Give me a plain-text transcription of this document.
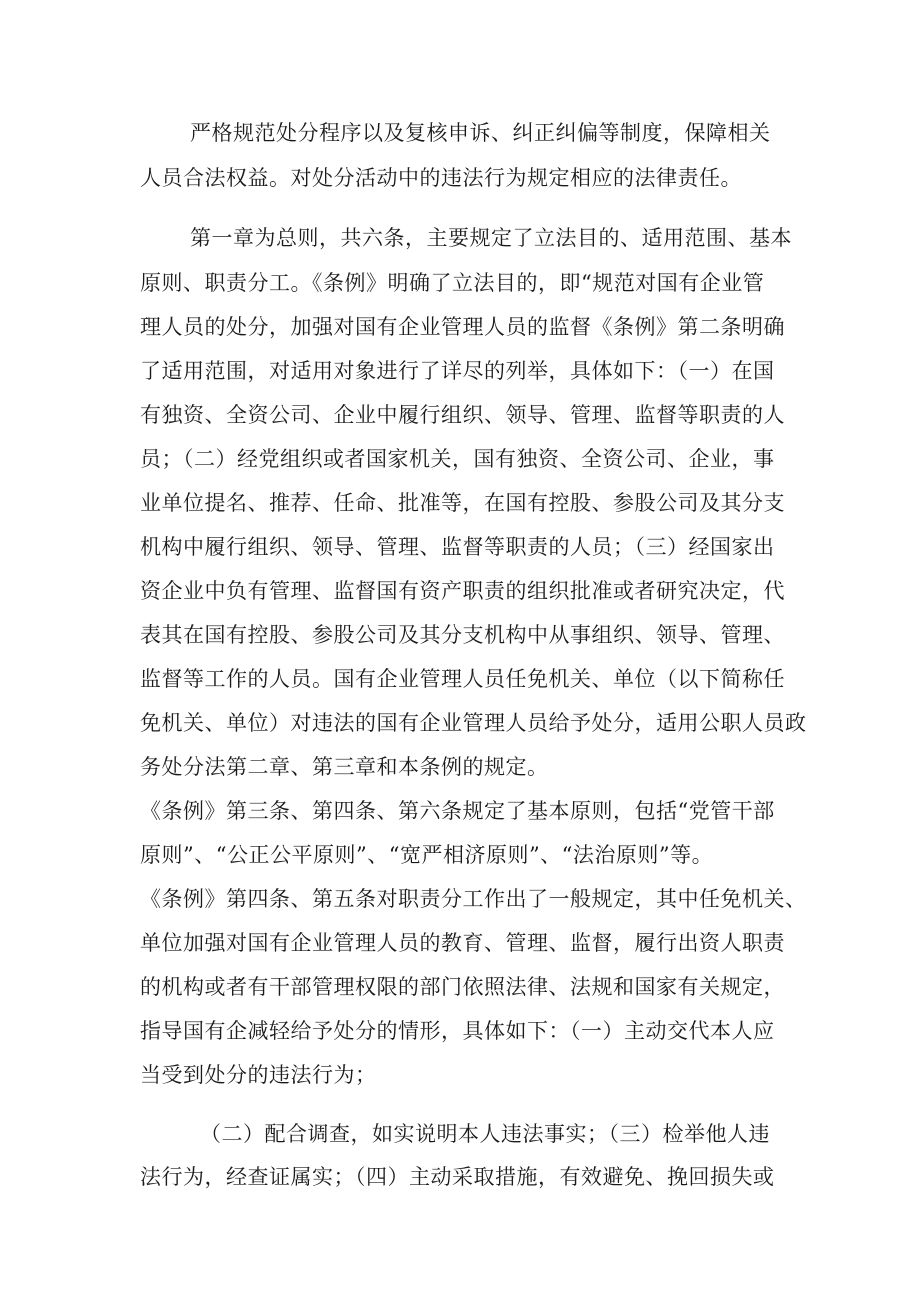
严格规范处分程序以及复核申诉、纠正纠偏等制度，保障相关
人员合法权益。对处分活动中的违法行为规定相应的法律责任。
第一章为总则，共六条，主要规定了立法目的、适用范围、基本
原则、职责分工。《条例》明确了立法目的，即“规范对国有企业管
理人员的处分，加强对国有企业管理人员的监督《条例》第二条明确
了适用范围，对适用对象进行了详尽的列举，具体如下：（一）在国
有独资、全资公司、企业中履行组织、领导、管理、监督等职责的人
员；（二）经党组织或者国家机关，国有独资、全资公司、企业，事
业单位提名、推荐、任命、批准等，在国有控股、参股公司及其分支
机构中履行组织、领导、管理、监督等职责的人员；（三）经国家出
资企业中负有管理、监督国有资产职责的组织批准或者研究决定，代
表其在国有控股、参股公司及其分支机构中从事组织、领导、管理、
监督等工作的人员。国有企业管理人员任免机关、单位（以下简称任
免机关、单位）对违法的国有企业管理人员给予处分，适用公职人员政
务处分法第二章、第三章和本条例的规定。
《条例》第三条、第四条、第六条规定了基本原则，包括“党管干部
原则”、“公正公平原则”、“宽严相济原则”、“法治原则”等。
《条例》第四条、第五条对职责分工作出了一般规定，其中任免机关、
单位加强对国有企业管理人员的教育、管理、监督，履行出资人职责
的机构或者有干部管理权限的部门依照法律、法规和国家有关规定，
指导国有企减轻给予处分的情形，具体如下：（一）主动交代本人应
当受到处分的违法行为；
（二）配合调查，如实说明本人违法事实；（三）检举他人违
法行为，经查证属实；（四）主动采取措施，有效避免、挽回损失或
